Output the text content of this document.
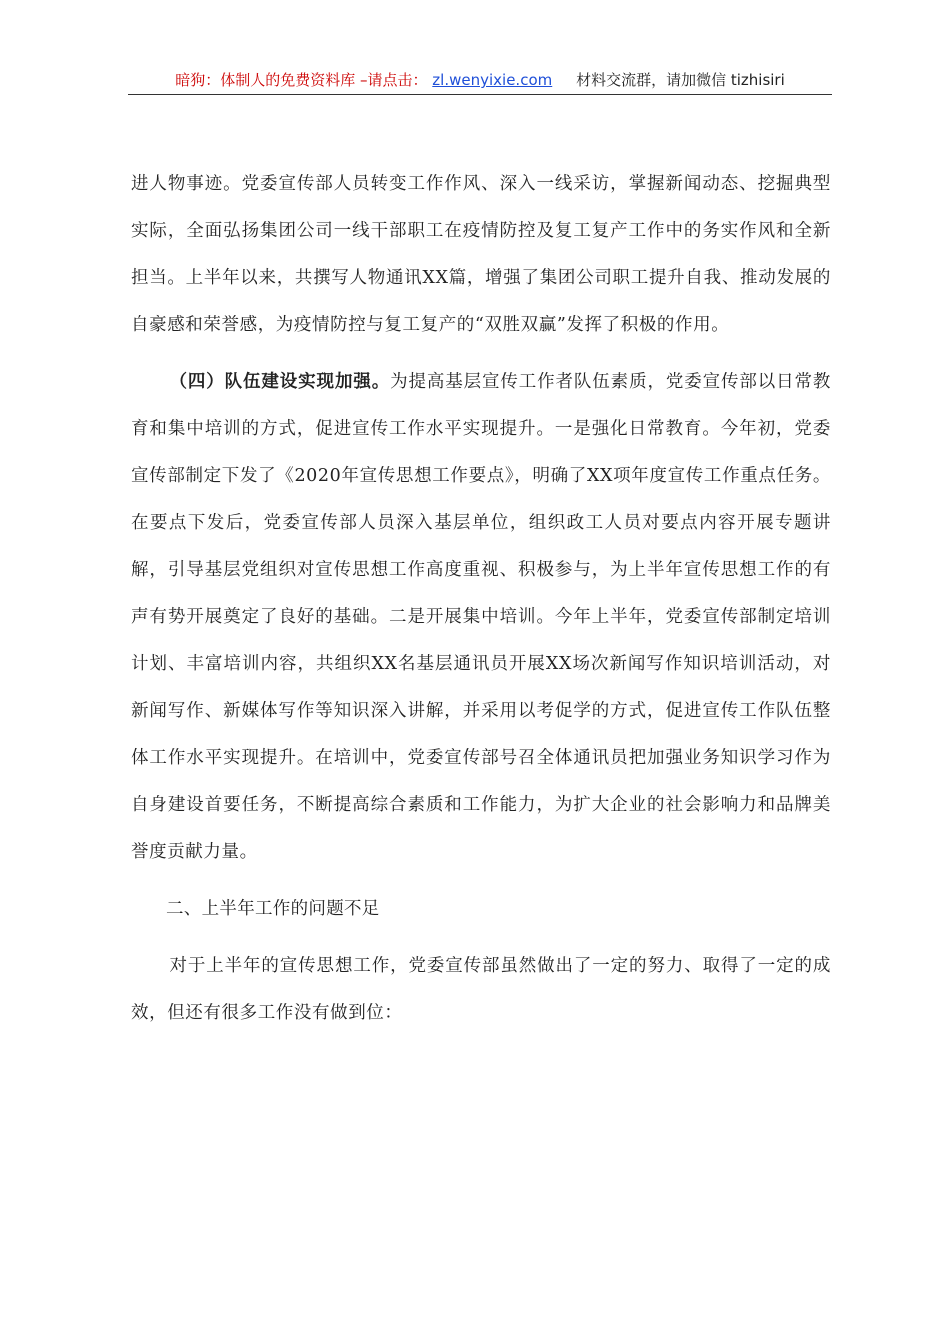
暗狗：体制人的免费资料库 –请点击： zl.wenyixie.com 材料交流群，请加微信 tizhisiri

进人物事迹。党委宣传部人员转变工作作风、深入一线采访，掌握新闻动态、挖掘典型实际，全面弘扬集团公司一线干部职工在疫情防控及复工复产工作中的务实作风和全新担当。上半年以来，共撰写人物通讯XX篇，增强了集团公司职工提升自我、推动发展的自豪感和荣誉感，为疫情防控与复工复产的“双胜双赢”发挥了积极的作用。

（四）队伍建设实现加强。为提高基层宣传工作者队伍素质，党委宣传部以日常教育和集中培训的方式，促进宣传工作水平实现提升。一是强化日常教育。今年初，党委宣传部制定下发了《2020年宣传思想工作要点》，明确了XX项年度宣传工作重点任务。在要点下发后，党委宣传部人员深入基层单位，组织政工人员对要点内容开展专题讲解，引导基层党组织对宣传思想工作高度重视、积极参与，为上半年宣传思想工作的有声有势开展奠定了良好的基础。二是开展集中培训。今年上半年，党委宣传部制定培训计划、丰富培训内容，共组织XX名基层通讯员开展XX场次新闻写作知识培训活动，对新闻写作、新媒体写作等知识深入讲解，并采用以考促学的方式，促进宣传工作队伍整体工作水平实现提升。在培训中，党委宣传部号召全体通讯员把加强业务知识学习作为自身建设首要任务，不断提高综合素质和工作能力，为扩大企业的社会影响力和品牌美誉度贡献力量。

二、上半年工作的问题不足

对于上半年的宣传思想工作，党委宣传部虽然做出了一定的努力、取得了一定的成效，但还有很多工作没有做到位：
